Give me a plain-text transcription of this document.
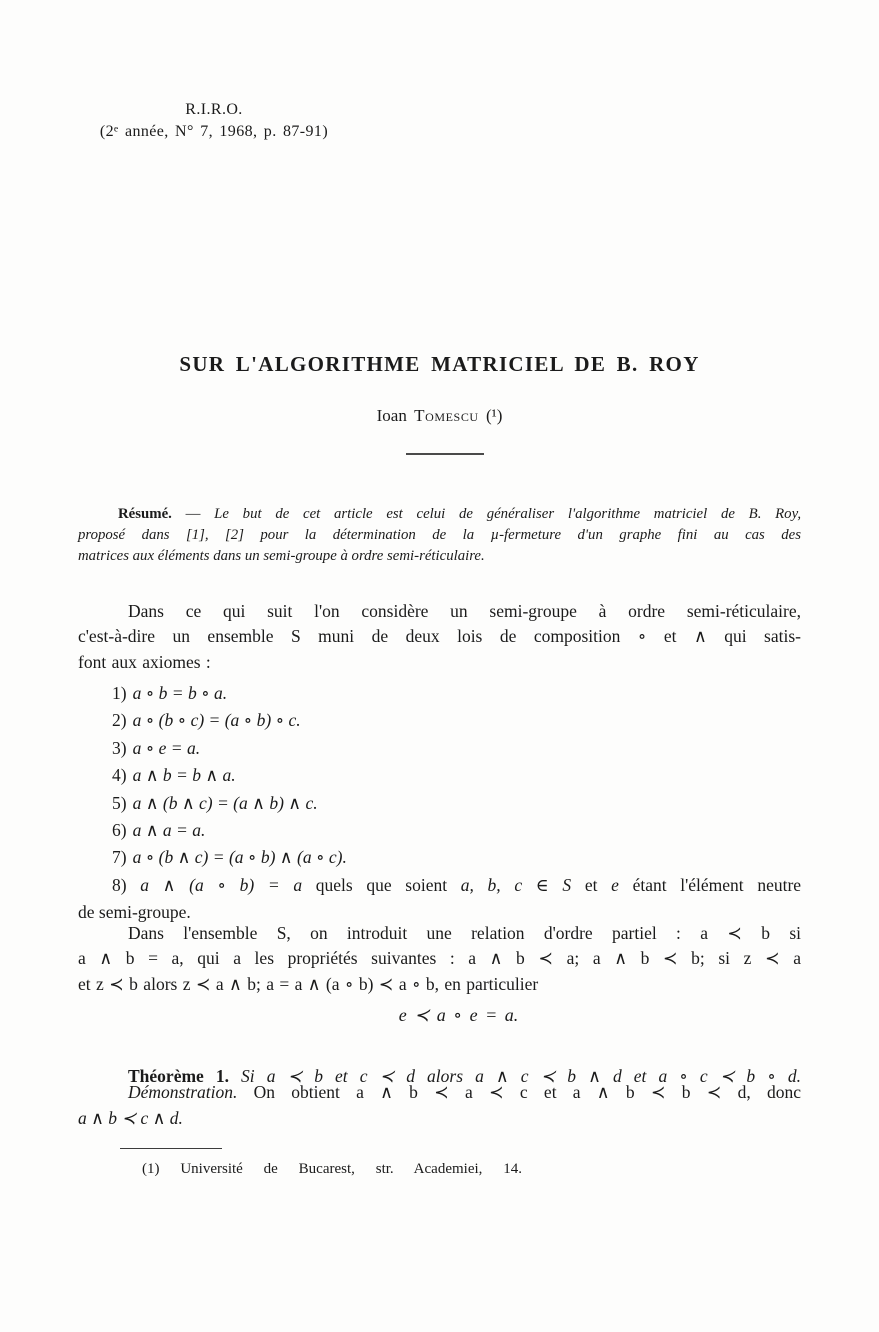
R.I.R.O.
(2ᵉ année, N° 7, 1968, p. 87-91)
SUR L'ALGORITHME MATRICIEL DE B. ROY
Ioan Tomescu (¹)
Résumé. — Le but de cet article est celui de généraliser l'algorithme matriciel de B. Roy,
proposé dans [1], [2] pour la détermination de la µ-fermeture d'un graphe fini au cas des
matrices aux éléments dans un semi-groupe à ordre semi-réticulaire.
Dans ce qui suit l'on considère un semi-groupe à ordre semi-réticulaire,
c'est-à-dire un ensemble S muni de deux lois de composition ∘ et ∧ qui satis-
font aux axiomes :
1) a ∘ b = b ∘ a.
2) a ∘ (b ∘ c) = (a ∘ b) ∘ c.
3) a ∘ e = a.
4) a ∧ b = b ∧ a.
5) a ∧ (b ∧ c) = (a ∧ b) ∧ c.
6) a ∧ a = a.
7) a ∘ (b ∧ c) = (a ∘ b) ∧ (a ∘ c).
8) a ∧ (a ∘ b) = a quels que soient a, b, c ∈ S et e étant l'élément neutre
de semi-groupe.
Dans l'ensemble S, on introduit une relation d'ordre partiel : a ≺ b si
a ∧ b = a, qui a les propriétés suivantes : a ∧ b ≺ a; a ∧ b ≺ b; si z ≺ a
et z ≺ b alors z ≺ a ∧ b; a = a ∧ (a ∘ b) ≺ a ∘ b, en particulier
e ≺ a ∘ e = a.

Théorème 1. Si a ≺ b et c ≺ d alors a ∧ c ≺ b ∧ d et a ∘ c ≺ b ∘ d.

Démonstration. On obtient a ∧ b ≺ a ≺ c et a ∧ b ≺ b ≺ d, donc
a ∧ b ≺ c ∧ d.
(1) Université de Bucarest, str. Academiei, 14.
